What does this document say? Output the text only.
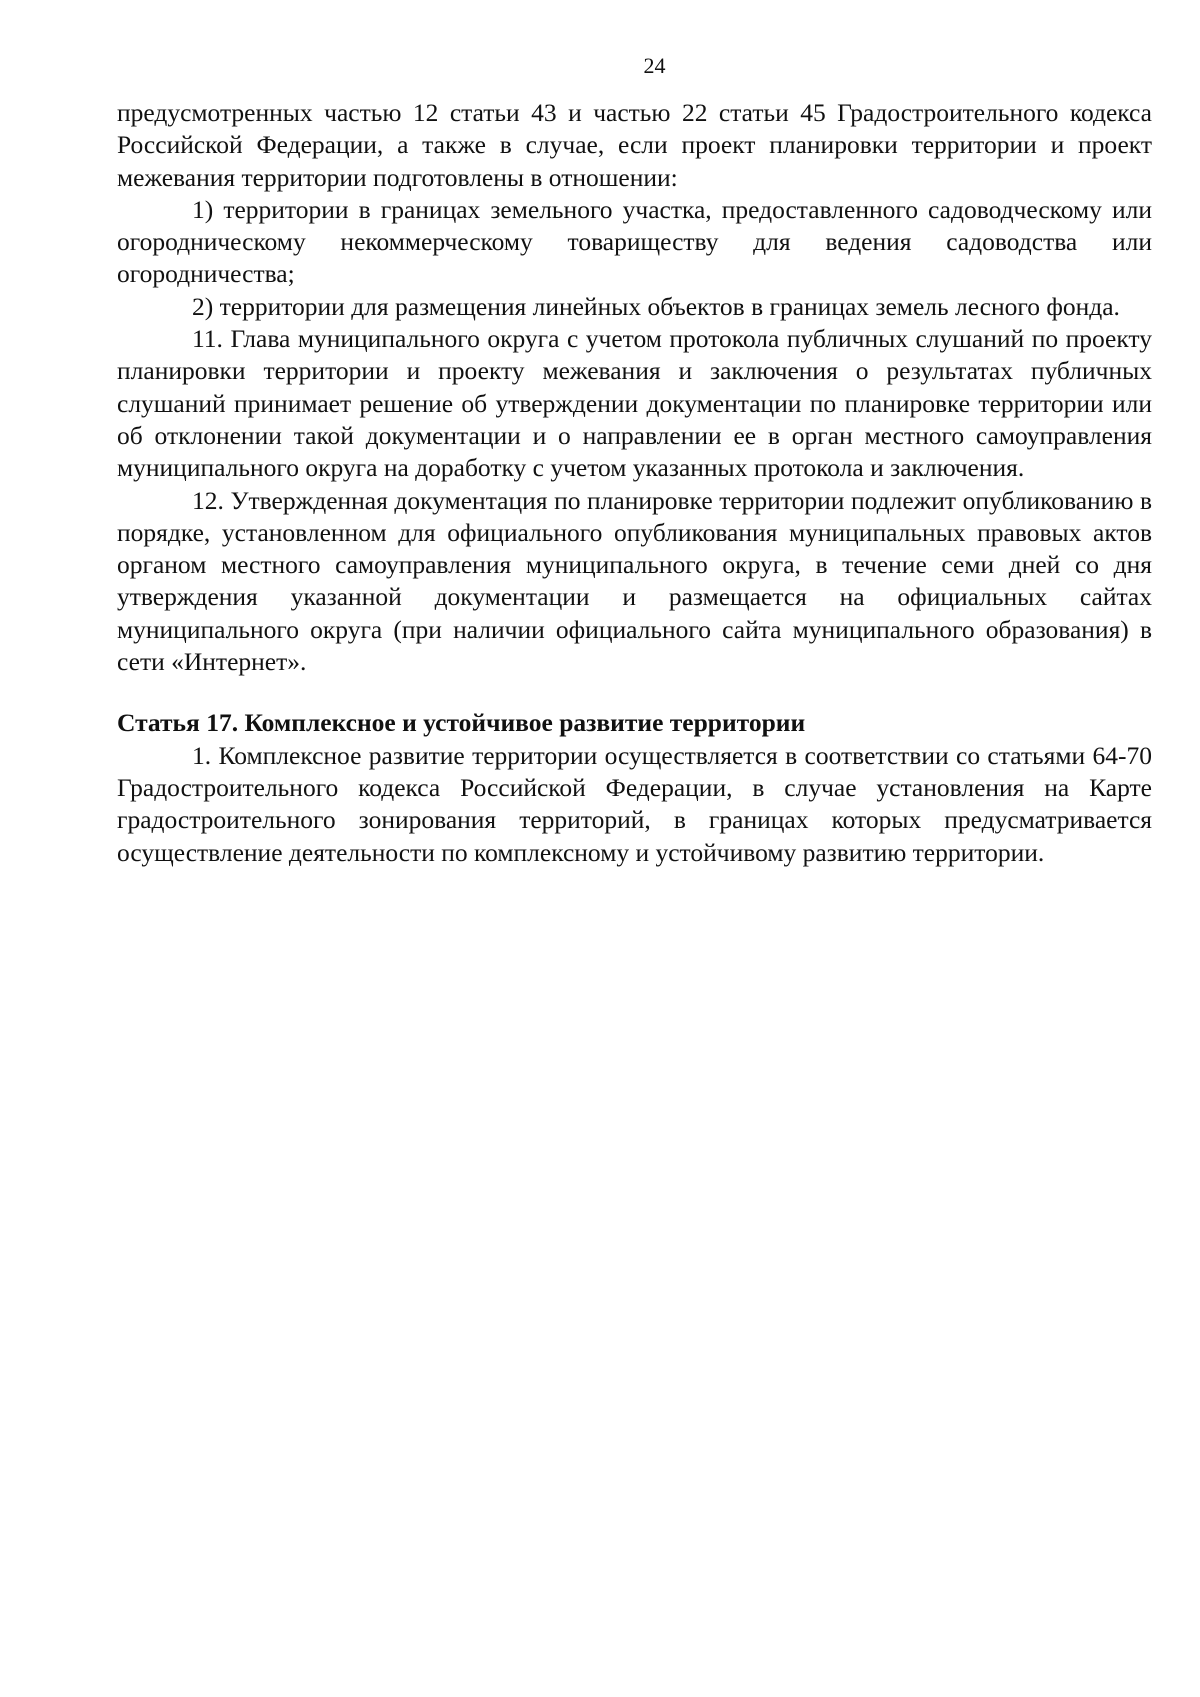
24

предусмотренных частью 12 статьи 43 и частью 22 статьи 45 Градостроительного кодекса Российской Федерации, а также в случае, если проект планировки территории и проект межевания территории подготовлены в отношении:

1) территории в границах земельного участка, предоставленного садоводческому или огородническому некоммерческому товариществу для ведения садоводства или огородничества;

2) территории для размещения линейных объектов в границах земель лесного фонда.

11. Глава муниципального округа с учетом протокола публичных слушаний по проекту планировки территории и проекту межевания и заключения о результатах публичных слушаний принимает решение об утверждении документации по планировке территории или об отклонении такой документации и о направлении ее в орган местного самоуправления муниципального округа на доработку с учетом указанных протокола и заключения.

12. Утвержденная документация по планировке территории подлежит опубликованию в порядке, установленном для официального опубликования муниципальных правовых актов органом местного самоуправления муниципального округа, в течение семи дней со дня утверждения указанной документации и размещается на официальных сайтах муниципального округа (при наличии официального сайта муниципального образования) в сети «Интернет».

Статья 17. Комплексное и устойчивое развитие территории

1. Комплексное развитие территории осуществляется в соответствии со статьями 64-70 Градостроительного кодекса Российской Федерации, в случае установления на Карте градостроительного зонирования территорий, в границах которых предусматривается осуществление деятельности по комплексному и устойчивому развитию территории.
